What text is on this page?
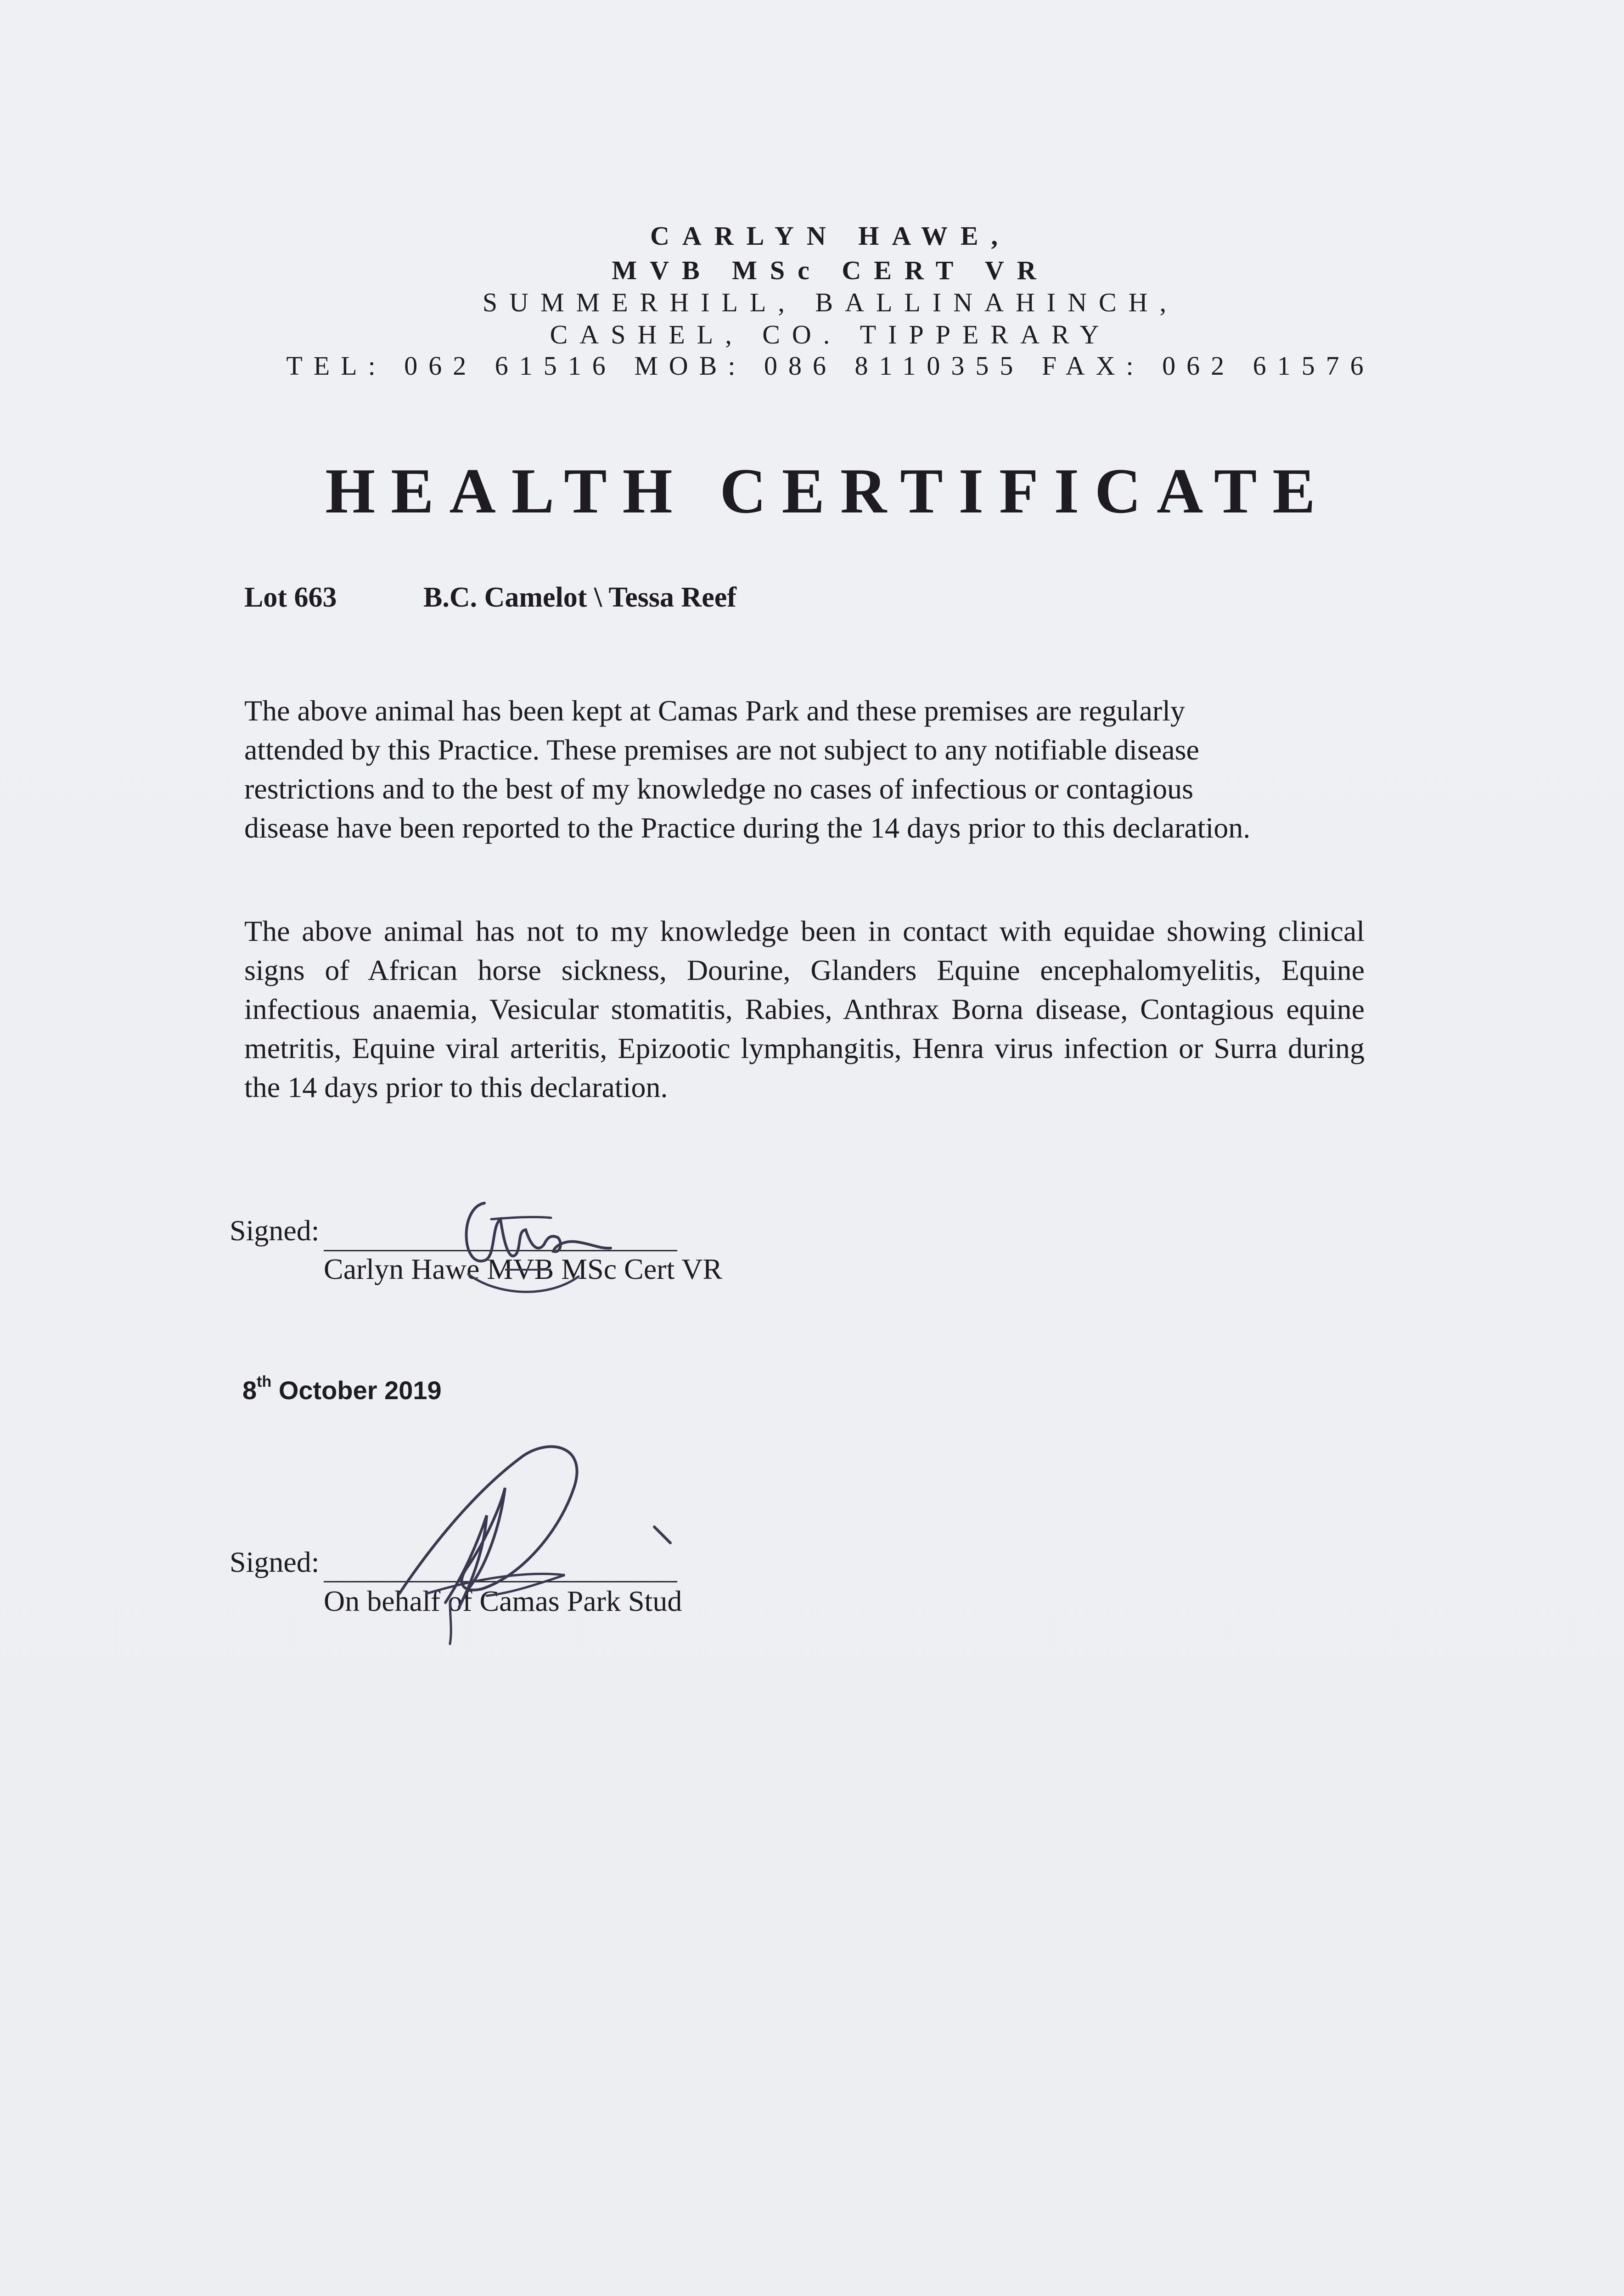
CARLYN HAWE,
MVB MSc CERT VR
SUMMERHILL, BALLINAHINCH,
CASHEL, CO. TIPPERARY
TEL: 062 61516 MOB: 086 8110355 FAX: 062 61576
HEALTH CERTIFICATE
Lot 663	B.C. Camelot \ Tessa Reef
The above animal has been kept at Camas Park and these premises are regularly
attended by this Practice. These premises are not subject to any notifiable disease
restrictions and to the best of my knowledge no cases of infectious or contagious
disease have been reported to the Practice during the 14 days prior to this declaration.
The above animal has not to my knowledge been in contact with equidae showing clinical signs of African horse sickness, Dourine, Glanders Equine encephalomyelitis, Equine infectious anaemia, Vesicular stomatitis, Rabies, Anthrax Borna disease, Contagious equine metritis, Equine viral arteritis, Epizootic lymphangitis, Henra virus infection or Surra during the 14 days prior to this declaration.
Signed:
Carlyn Hawe MVB MSc Cert VR
8th October 2019
Signed:
On behalf of Camas Park Stud
